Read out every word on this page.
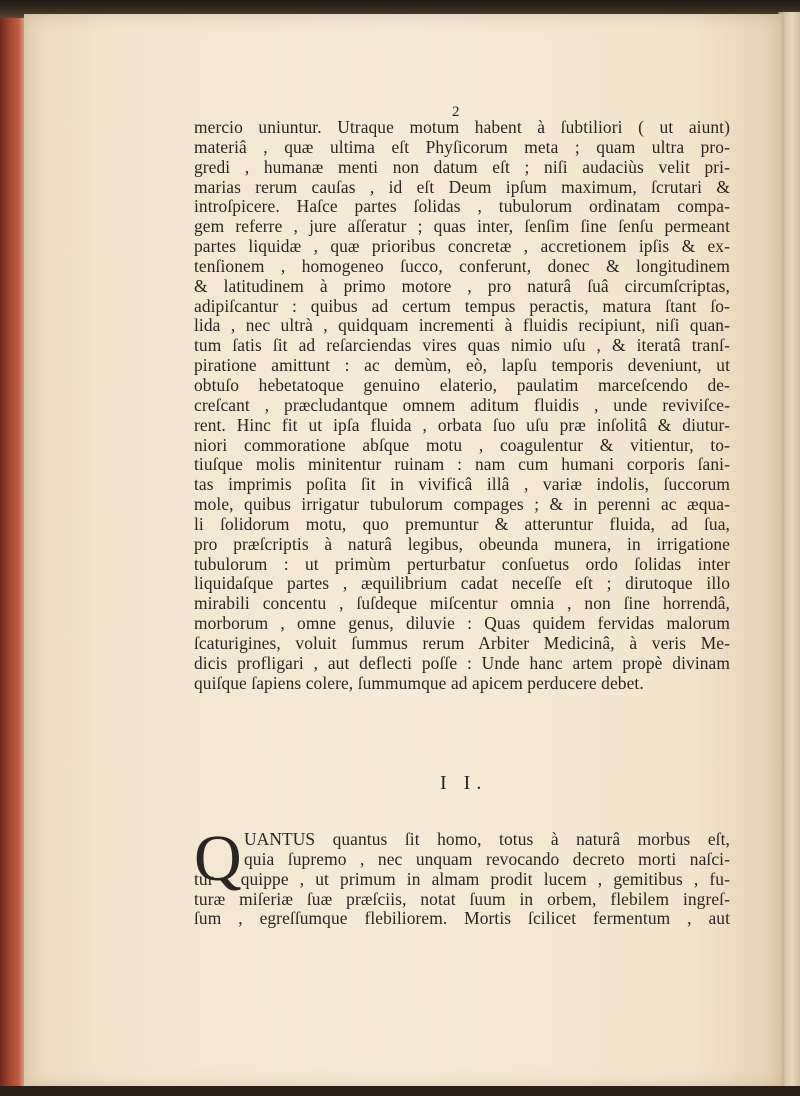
2
mercio uniuntur. Utraque motum habent à ſubtiliori ( ut aiunt)
materiâ , quæ ultima eſt Phyſicorum meta ; quam ultra pro-
gredi , humanæ menti non datum eſt ; niſi audaciùs velit pri-
marias rerum cauſas , id eſt Deum ipſum maximum, ſcrutari &
introſpicere. Haſce partes ſolidas , tubulorum ordinatam compa-
gem referre , jure aſſeratur ; quas inter, ſenſim ſine ſenſu permeant
partes liquidæ , quæ prioribus concretæ , accretionem ipſis & ex-
tenſionem , homogeneo ſucco, conferunt, donec & longitudinem
& latitudinem à primo motore , pro naturâ ſuâ circumſcriptas,
adipiſcantur : quibus ad certum tempus peractis, matura ſtant ſo-
lida , nec ultrà , quidquam incrementi à fluidis recipiunt, niſi quan-
tum ſatis ſit ad reſarciendas vires quas nimio uſu , & iteratâ tranſ-
piratione amittunt : ac demùm, eò, lapſu temporis deveniunt, ut
obtuſo hebetatoque genuino elaterio, paulatim marceſcendo de-
creſcant , præcludantque omnem aditum fluidis , unde reviviſce-
rent. Hinc fit ut ipſa fluida , orbata ſuo uſu præ inſolitâ & diutur-
niori commoratione abſque motu , coagulentur & vitientur, to-
tiuſque molis minitentur ruinam : nam cum humani corporis ſani-
tas imprimis poſita ſit in vivificâ illâ , variæ indolis, ſuccorum
mole, quibus irrigatur tubulorum compages ; & in perenni ac æqua-
li ſolidorum motu, quo premuntur & atteruntur fluida, ad ſua,
pro præſcriptis à naturâ legibus, obeunda munera, in irrigatione
tubulorum : ut primùm perturbatur conſuetus ordo ſolidas inter
liquidaſque partes , æquilibrium cadat neceſſe eſt ; dirutoque illo
mirabili concentu , ſuſdeque miſcentur omnia , non ſine horrendâ,
morborum , omne genus, diluvie : Quas quidem fervidas malorum
ſcaturigines, voluit ſummus rerum Arbiter Medicinâ, à veris Me-
dicis profligari , aut deflecti poſſe : Unde hanc artem propè divinam
quiſque ſapiens colere, ſummumque ad apicem perducere debet.
I I.
Q UANTUS quantus ſit homo, totus à naturâ morbus eſt,
quia ſupremo , nec unquam revocando decreto morti naſci-
tur : quippe , ut primum in almam prodit lucem , gemitibus , fu-
turæ miſeriæ ſuæ præſciis, notat ſuum in orbem, flebilem ingreſ-
ſum , egreſſumque flebiliorem. Mortis ſcilicet fermentum , aut
